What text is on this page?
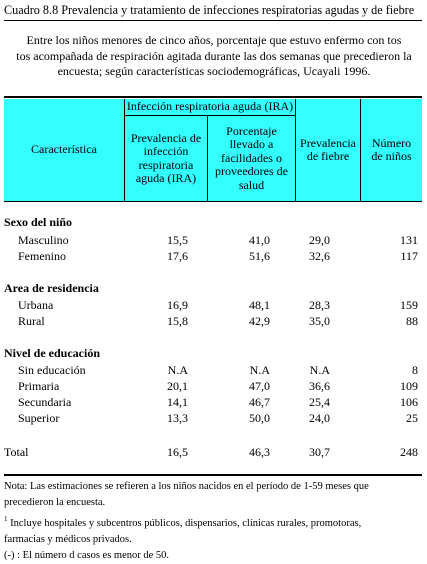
Cuadro 8.8 Prevalencia y tratamiento de infecciones respiratorias agudas y de fiebre
Entre los niños menores de cinco años, porcentaje que estuvo enfermo con tos
tos acompañada de respiración agitada durante las dos semanas que precedieron la
encuesta; según características sociodemográficas, Ucayali 1996.
Característica
Infección respiratoria aguda (IRA)
Prevalencia de infección respiratoria aguda (IRA)
Porcentaje llevado a facilidades o proveedores de salud
Prevalencia de fiebre
Número de niños
Sexo del niño
Masculino	15,5	41,0	29,0	131
Femenino	17,6	51,6	32,6	117
Area de residencia
Urbana	16,9	48,1	28,3	159
Rural	15,8	42,9	35,0	88
Nivel de educación
Sin educación	N.A	N.A	N.A	8
Primaria	20,1	47,0	36,6	109
Secundaria	14,1	46,7	25,4	106
Superior	13,3	50,0	24,0	25
Total	16,5	46,3	30,7	248
Nota: Las estimaciones se refieren a los niños nacidos en el período de 1-59 meses que
precedieron la encuesta.
$^1$ Incluye hospitales y subcentros públicos, dispensarios, clínicas rurales, promotoras,
farmacias y médicos privados.
(-) : El número d casos es menor de 50.
